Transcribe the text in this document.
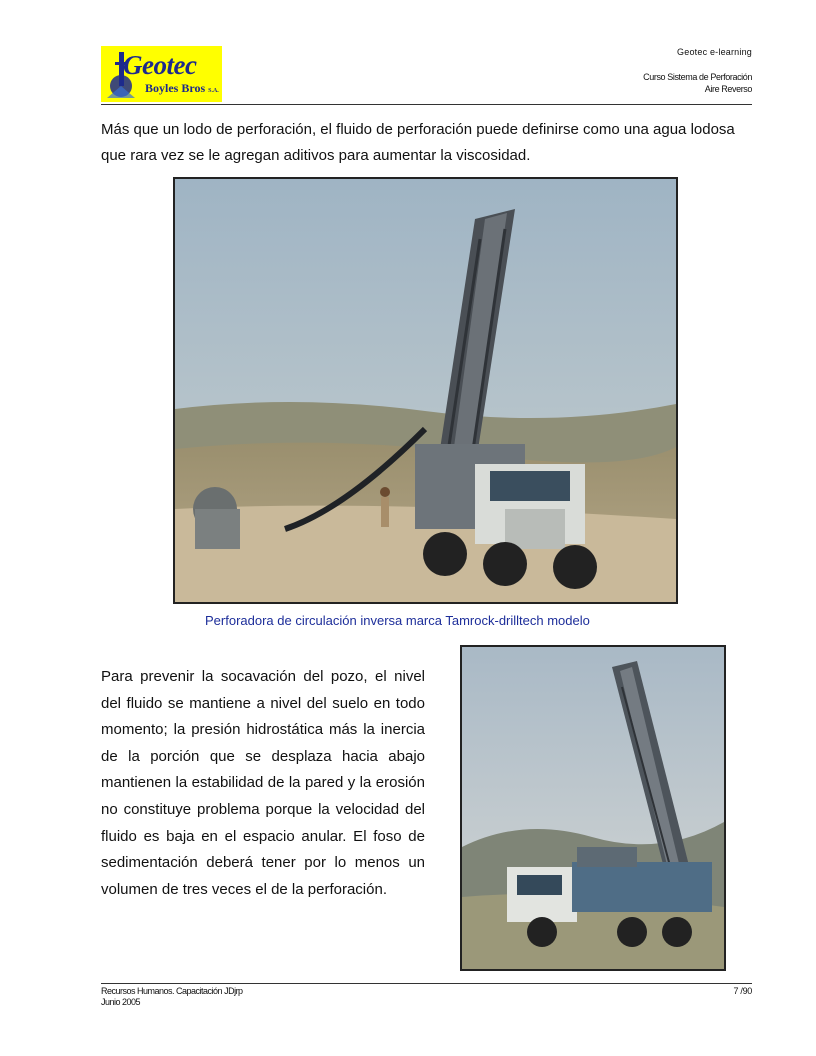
Geotec
Boyles Bros S.A.
Geotec e-learning
Curso Sistema de Perforación
Aire Reverso

Más que un lodo de perforación, el fluido de perforación puede definirse como una agua lodosa que rara vez se le agregan aditivos para aumentar la viscosidad.

Perforadora de circulación inversa marca Tamrock-drilltech modelo

Para prevenir la socavación del pozo, el nivel del fluido se mantiene a nivel del suelo en todo momento; la presión hidrostática más la inercia de la porción que se desplaza hacia abajo mantienen la estabilidad de la pared y la erosión no constituye problema porque la velocidad del fluido es baja en el espacio anular. El foso de sedimentación deberá tener por lo menos un volumen de tres veces el de la perforación.

Recursos Humanos. Capacitación JDjrp
Junio 2005
7 /90
